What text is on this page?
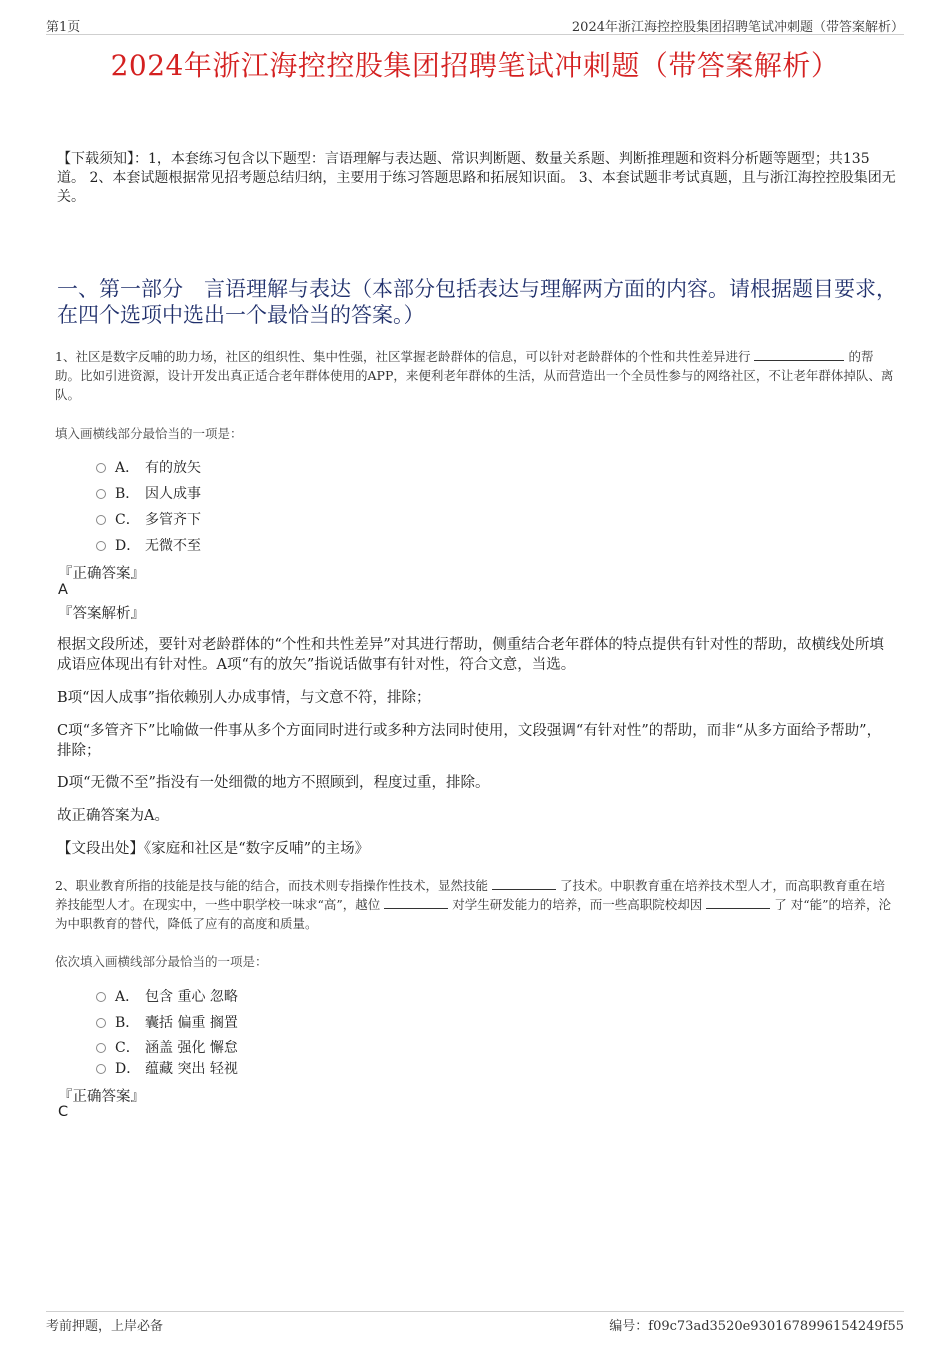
第1页	2024年浙江海控控股集团招聘笔试冲刺题（带答案解析）
2024年浙江海控控股集团招聘笔试冲刺题（带答案解析）
【下载须知】：1，本套练习包含以下题型：言语理解与表达题、常识判断题、数量关系题、判断推理题和资料分析题等题型；共135道。 2、本套试题根据常见招考题总结归纳，主要用于练习答题思路和拓展知识面。 3、本套试题非考试真题，且与浙江海控控股集团无关。
一、第一部分　言语理解与表达（本部分包括表达与理解两方面的内容。请根据题目要求，在四个选项中选出一个最恰当的答案。）
1、社区是数字反哺的助力场，社区的组织性、集中性强，社区掌握老龄群体的信息，可以针对老龄群体的个性和共性差异进行	的帮助。比如引进资源，设计开发出真正适合老年群体使用的APP，来便利老年群体的生活，从而营造出一个全员性参与的网络社区，不让老年群体掉队、离队。
填入画横线部分最恰当的一项是：
A． 有的放矢
B． 因人成事
C． 多管齐下
D． 无微不至
『正确答案』
A
『答案解析』
根据文段所述，要针对老龄群体的“个性和共性差异”对其进行帮助，侧重结合老年群体的特点提供有针对性的帮助，故横线处所填成语应体现出有针对性。A项“有的放矢”指说话做事有针对性，符合文意，当选。
B项“因人成事”指依赖别人办成事情，与文意不符，排除；
C项“多管齐下”比喻做一件事从多个方面同时进行或多种方法同时使用，文段强调“有针对性”的帮助，而非“从多方面给予帮助”，排除；
D项“无微不至”指没有一处细微的地方不照顾到，程度过重，排除。
故正确答案为A。
【文段出处】《家庭和社区是“数字反哺”的主场》
2、职业教育所指的技能是技与能的结合，而技术则专指操作性技术，显然技能	了技术。中职教育重在培养技术型人才，而高职教育重在培养技能型人才。在现实中，一些中职学校一味求“高”，越位	对学生研发能力的培养，而一些高职院校却因	了 对“能”的培养，沦为中职教育的替代，降低了应有的高度和质量。
依次填入画横线部分最恰当的一项是：
A． 包含 重心 忽略
B． 囊括 偏重 搁置
C． 涵盖 强化 懈怠
D． 蕴藏 突出 轻视
『正确答案』
C
考前押题，上岸必备	编号：f09c73ad3520e9301678996154249f55
